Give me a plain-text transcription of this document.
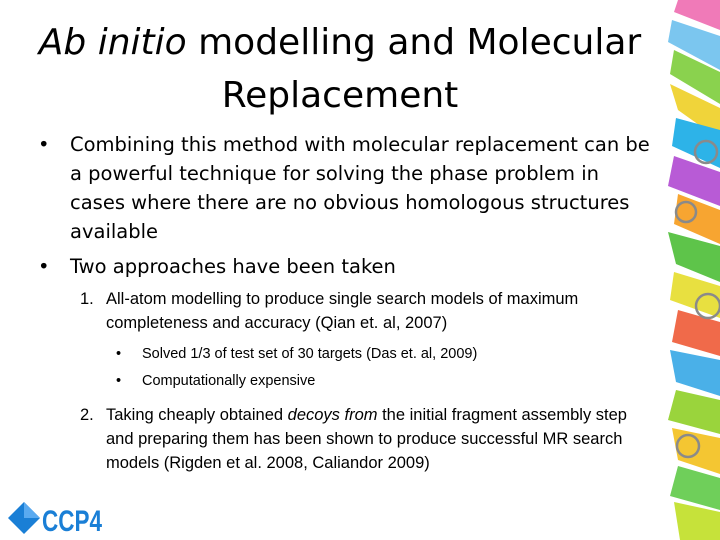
Ab initio modelling and Molecular Replacement
• Combining this method with molecular replacement can be a powerful technique for solving the phase problem in cases where there are no obvious homologous structures available
• Two approaches have been taken
1. All-atom modelling to produce single search models of maximum completeness and accuracy (Qian et. al, 2007)
• Solved 1/3 of test set of 30 targets (Das et. al, 2009)
• Computationally expensive
2. Taking cheaply obtained decoys from the initial fragment assembly step and preparing them has been shown to produce successful MR search models (Rigden et al. 2008, Caliandor 2009)
CCP4
